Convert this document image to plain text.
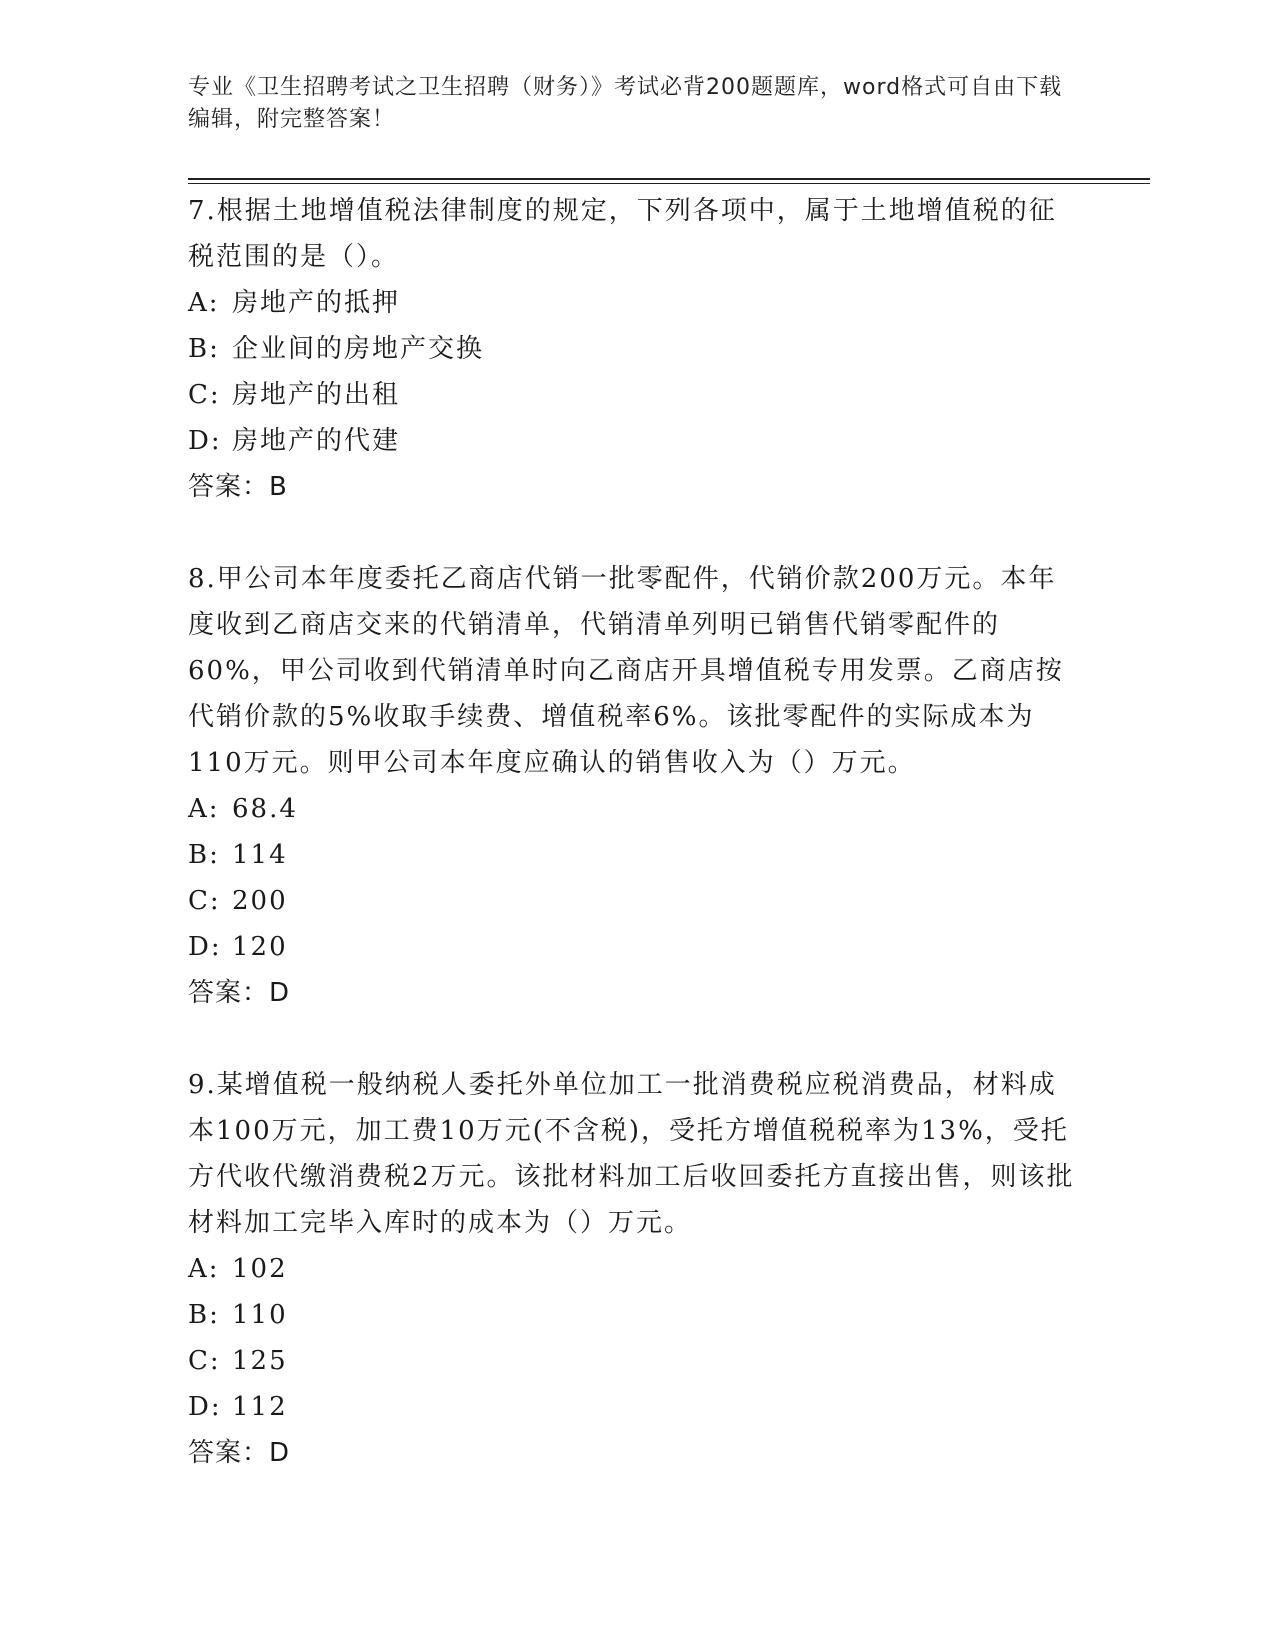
专业《卫生招聘考试之卫生招聘（财务）》考试必背200题题库，word格式可自由下载编辑，附完整答案！

7.根据土地增值税法律制度的规定，下列各项中，属于土地增值税的征税范围的是（）。

A: 房地产的抵押

B: 企业间的房地产交换

C: 房地产的出租

D: 房地产的代建

答案：B

8.甲公司本年度委托乙商店代销一批零配件，代销价款200万元。本年度收到乙商店交来的代销清单，代销清单列明已销售代销零配件的60%，甲公司收到代销清单时向乙商店开具增值税专用发票。乙商店按代销价款的5%收取手续费、增值税率6%。该批零配件的实际成本为110万元。则甲公司本年度应确认的销售收入为（）万元。

A: 68.4

B: 114

C: 200

D: 120

答案：D

9.某增值税一般纳税人委托外单位加工一批消费税应税消费品，材料成本100万元，加工费10万元(不含税)，受托方增值税税率为13%，受托方代收代缴消费税2万元。该批材料加工后收回委托方直接出售，则该批材料加工完毕入库时的成本为（）万元。

A: 102

B: 110

C: 125

D: 112

答案：D
